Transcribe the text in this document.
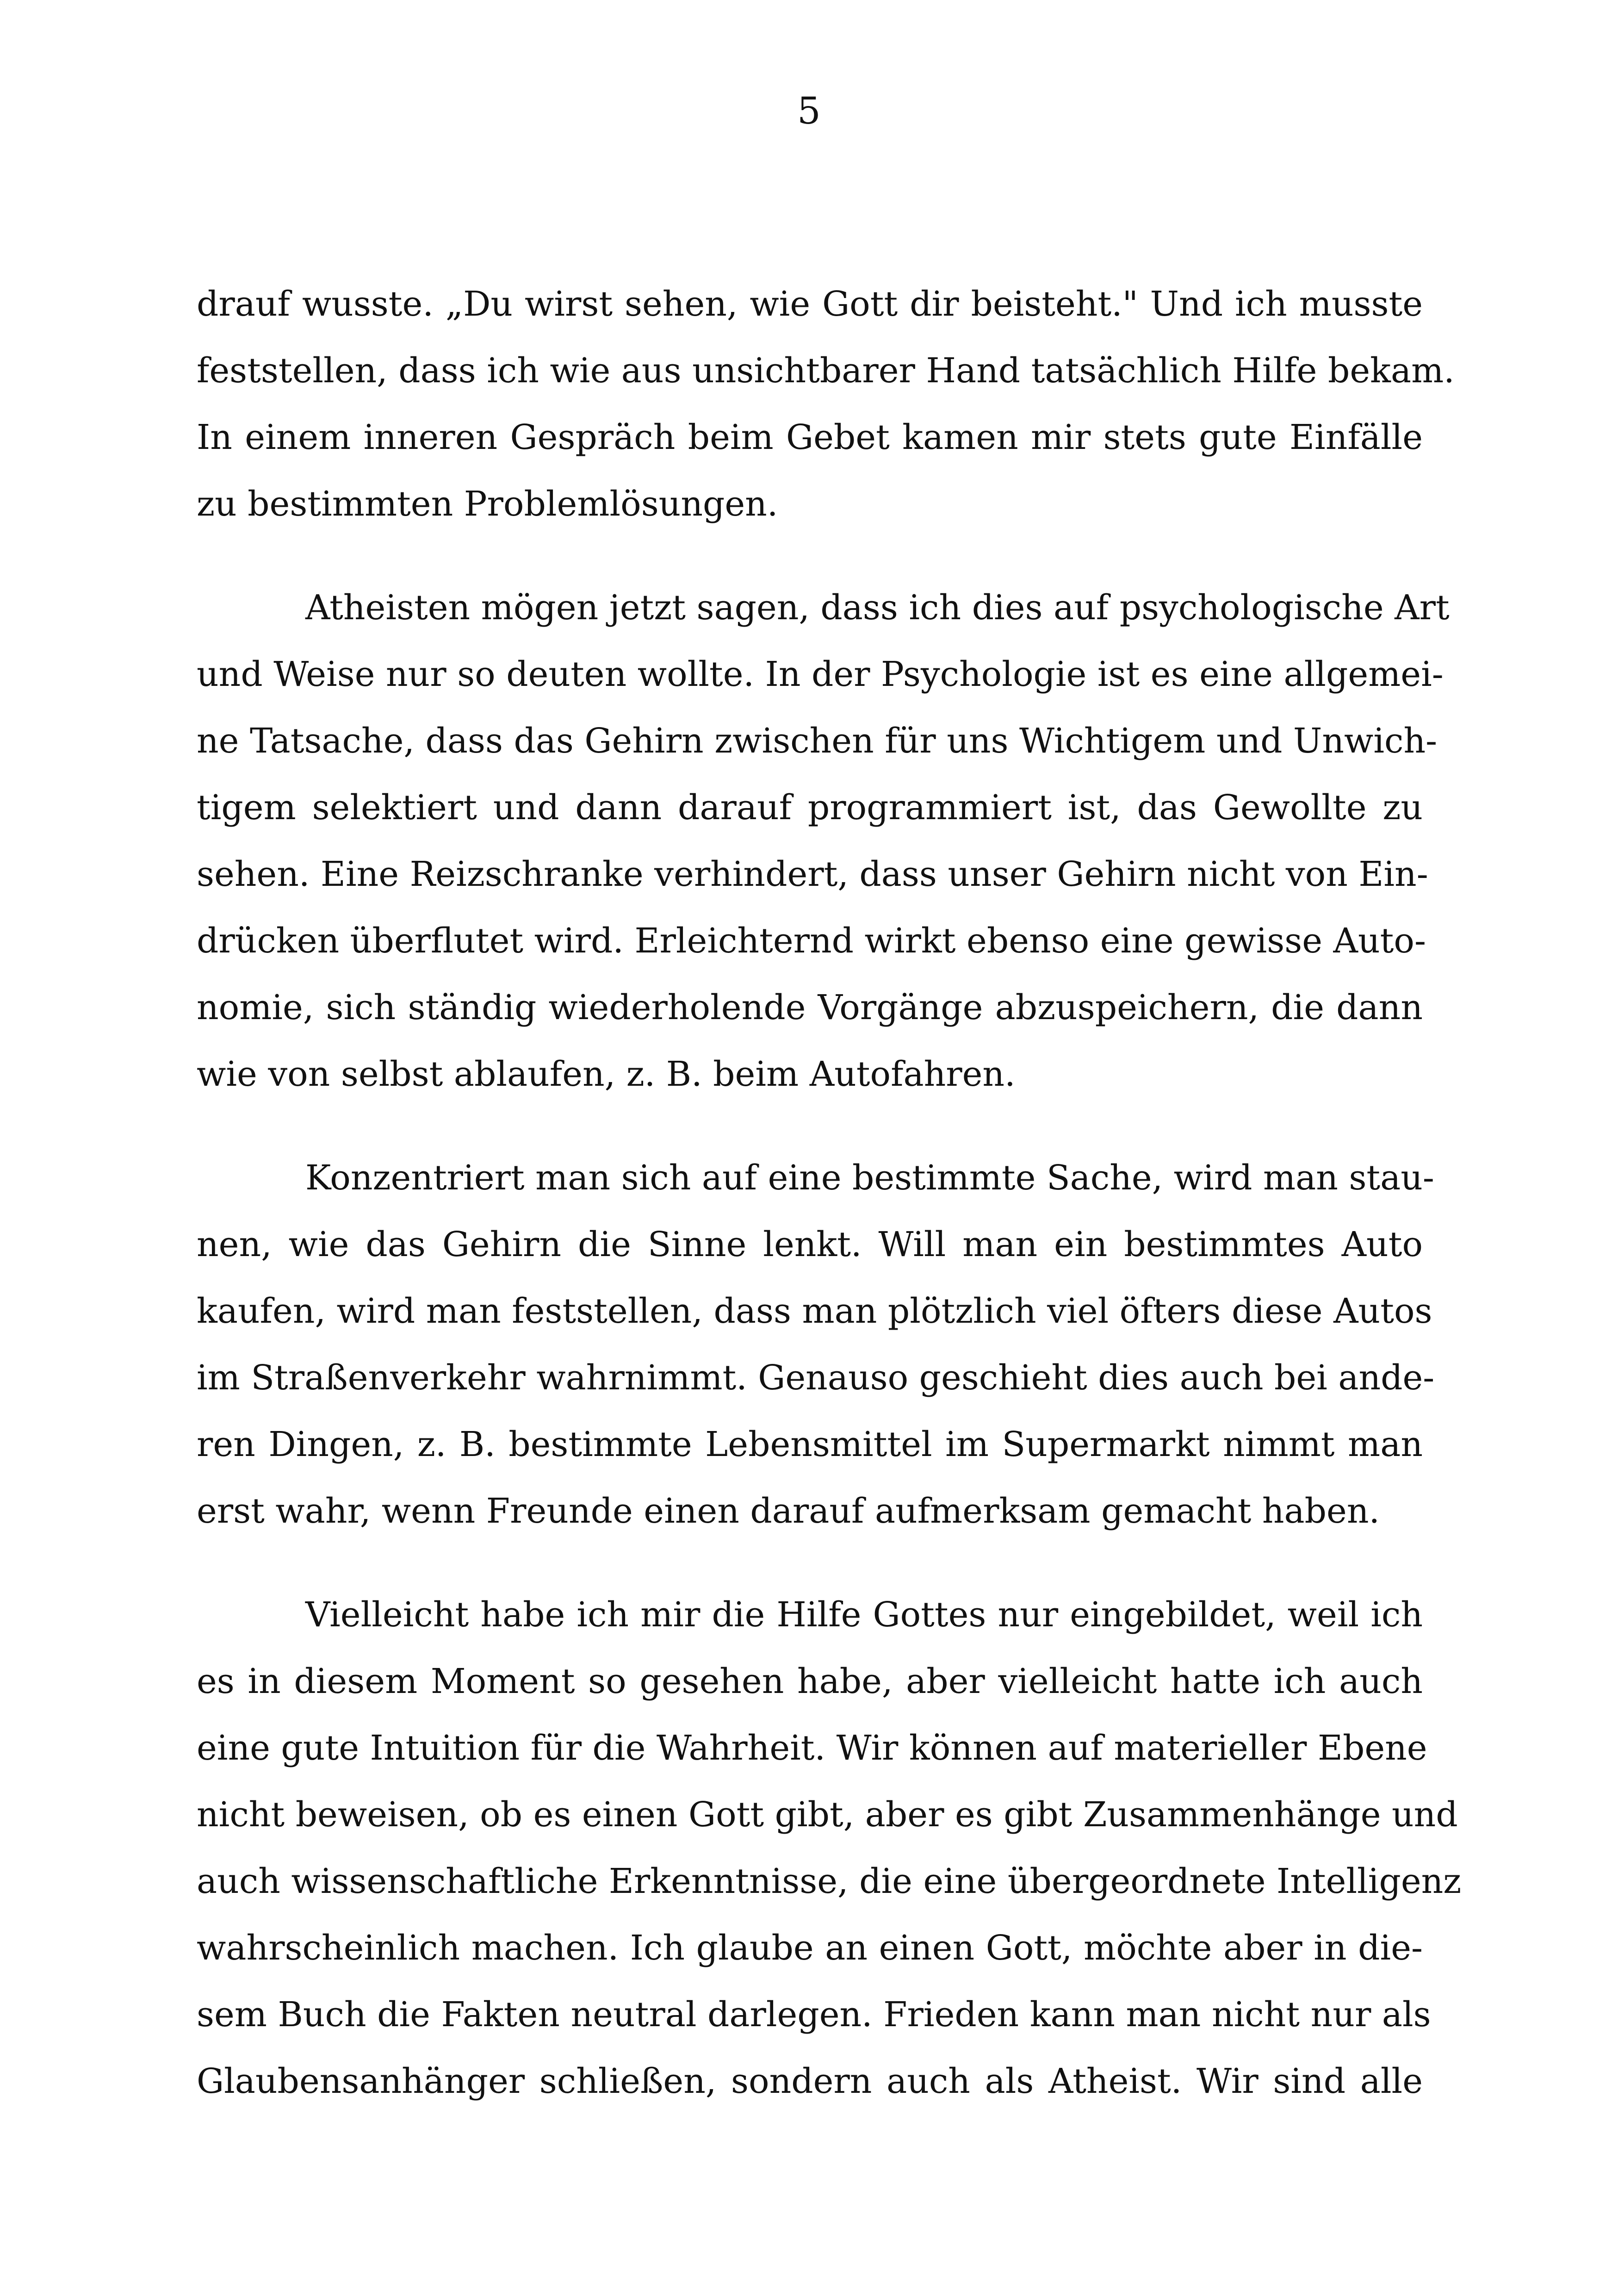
5
drauf wusste. „Du wirst sehen, wie Gott dir beisteht." Und ich musste
feststellen, dass ich wie aus unsichtbarer Hand tatsächlich Hilfe bekam.
In einem inneren Gespräch beim Gebet kamen mir stets gute Einfälle
zu bestimmten Problemlösungen.
Atheisten mögen jetzt sagen, dass ich dies auf psychologische Art
und Weise nur so deuten wollte. In der Psychologie ist es eine allgemei-
ne Tatsache, dass das Gehirn zwischen für uns Wichtigem und Unwich-
tigem selektiert und dann darauf programmiert ist, das Gewollte zu
sehen. Eine Reizschranke verhindert, dass unser Gehirn nicht von Ein-
drücken überflutet wird. Erleichternd wirkt ebenso eine gewisse Auto-
nomie, sich ständig wiederholende Vorgänge abzuspeichern, die dann
wie von selbst ablaufen, z. B. beim Autofahren.
Konzentriert man sich auf eine bestimmte Sache, wird man stau-
nen, wie das Gehirn die Sinne lenkt. Will man ein bestimmtes Auto
kaufen, wird man feststellen, dass man plötzlich viel öfters diese Autos
im Straßenverkehr wahrnimmt. Genauso geschieht dies auch bei ande-
ren Dingen, z. B. bestimmte Lebensmittel im Supermarkt nimmt man
erst wahr, wenn Freunde einen darauf aufmerksam gemacht haben.
Vielleicht habe ich mir die Hilfe Gottes nur eingebildet, weil ich
es in diesem Moment so gesehen habe, aber vielleicht hatte ich auch
eine gute Intuition für die Wahrheit. Wir können auf materieller Ebene
nicht beweisen, ob es einen Gott gibt, aber es gibt Zusammenhänge und
auch wissenschaftliche Erkenntnisse, die eine übergeordnete Intelligenz
wahrscheinlich machen. Ich glaube an einen Gott, möchte aber in die-
sem Buch die Fakten neutral darlegen. Frieden kann man nicht nur als
Glaubensanhänger schließen, sondern auch als Atheist. Wir sind alle
